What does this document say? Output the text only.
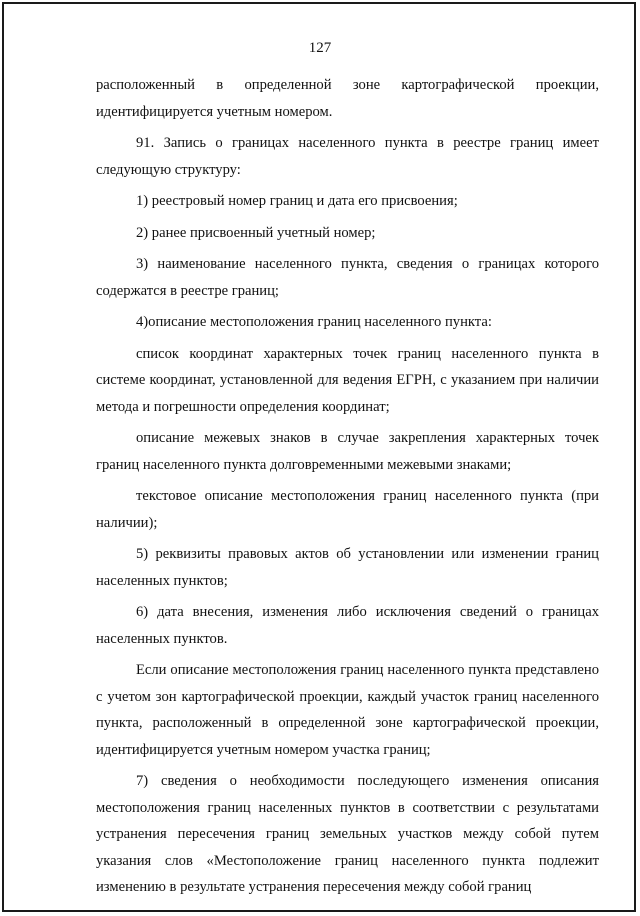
127

расположенный в определенной зоне картографической проекции, идентифицируется учетным номером.

91. Запись о границах населенного пункта в реестре границ имеет следующую структуру:

1) реестровый номер границ и дата его присвоения;

2) ранее присвоенный учетный номер;

3) наименование населенного пункта, сведения о границах которого содержатся в реестре границ;

4)описание местоположения границ населенного пункта:

список координат характерных точек границ населенного пункта в системе координат, установленной для ведения ЕГРН, с указанием при наличии метода и погрешности определения координат;

описание межевых знаков в случае закрепления характерных точек границ населенного пункта долговременными межевыми знаками;

текстовое описание местоположения границ населенного пункта (при наличии);

5) реквизиты правовых актов об установлении или изменении границ населенных пунктов;

6) дата внесения, изменения либо исключения сведений о границах населенных пунктов.

Если описание местоположения границ населенного пункта представлено с учетом зон картографической проекции, каждый участок границ населенного пункта, расположенный в определенной зоне картографической проекции, идентифицируется учетным номером участка границ;

7) сведения о необходимости последующего изменения описания местоположения границ населенных пунктов в соответствии с результатами устранения пересечения границ земельных участков между собой путем указания слов «Местоположение границ населенного пункта подлежит изменению в результате устранения пересечения между собой границ
